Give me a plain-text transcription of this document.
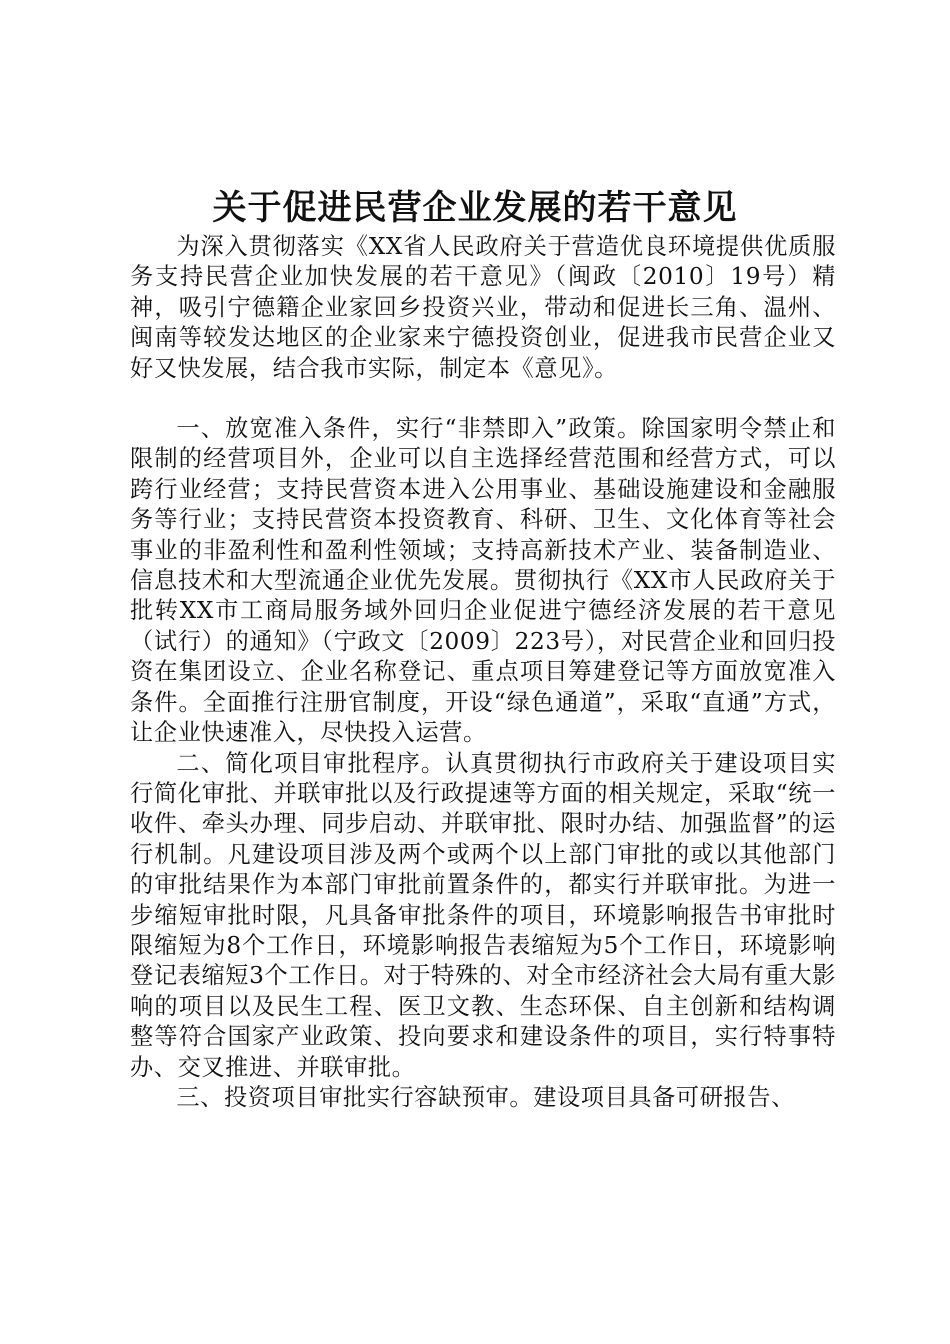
关于促进民营企业发展的若干意见

为深入贯彻落实《XX省人民政府关于营造优良环境提供优质服务支持民营企业加快发展的若干意见》（闽政〔2010〕19号）精神，吸引宁德籍企业家回乡投资兴业，带动和促进长三角、温州、闽南等较发达地区的企业家来宁德投资创业，促进我市民营企业又好又快发展，结合我市实际，制定本《意见》。

一、放宽准入条件，实行“非禁即入”政策。除国家明令禁止和限制的经营项目外，企业可以自主选择经营范围和经营方式，可以跨行业经营；支持民营资本进入公用事业、基础设施建设和金融服务等行业；支持民营资本投资教育、科研、卫生、文化体育等社会事业的非盈利性和盈利性领域；支持高新技术产业、装备制造业、信息技术和大型流通企业优先发展。贯彻执行《XX市人民政府关于批转XX市工商局服务域外回归企业促进宁德经济发展的若干意见（试行）的通知》（宁政文〔2009〕223号），对民营企业和回归投资在集团设立、企业名称登记、重点项目筹建登记等方面放宽准入条件。全面推行注册官制度，开设“绿色通道”，采取“直通”方式，让企业快速准入，尽快投入运营。

二、简化项目审批程序。认真贯彻执行市政府关于建设项目实行简化审批、并联审批以及行政提速等方面的相关规定，采取“统一收件、牵头办理、同步启动、并联审批、限时办结、加强监督”的运行机制。凡建设项目涉及两个或两个以上部门审批的或以其他部门的审批结果作为本部门审批前置条件的，都实行并联审批。为进一步缩短审批时限，凡具备审批条件的项目，环境影响报告书审批时限缩短为8个工作日，环境影响报告表缩短为5个工作日，环境影响登记表缩短3个工作日。对于特殊的、对全市经济社会大局有重大影响的项目以及民生工程、医卫文教、生态环保、自主创新和结构调整等符合国家产业政策、投向要求和建设条件的项目，实行特事特办、交叉推进、并联审批。

三、投资项目审批实行容缺预审。建设项目具备可研报告、
